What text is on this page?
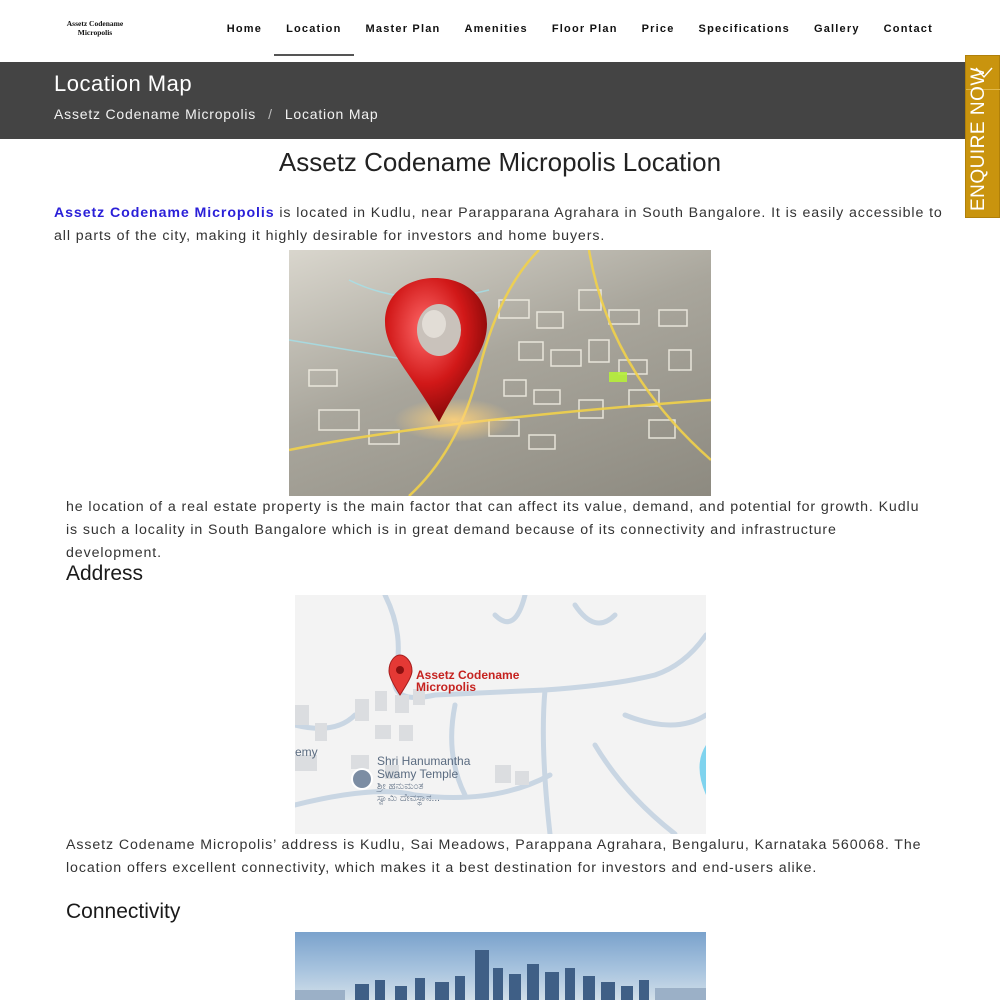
Assetz Codename
Micropolis	Home	Location	Master Plan	Amenities	Floor Plan	Price	Specifications	Gallery	Contact
Location Map
Assetz Codename Micropolis / Location Map	ENQUIRE NOW
Assetz Codename Micropolis Location

Assetz Codename Micropolis is located in Kudlu, near Parapparana Agrahara in South Bangalore. It is easily accessible to all parts of the city, making it highly desirable for investors and home buyers.

he location of a real estate property is the main factor that can affect its value, demand, and potential for growth. Kudlu is such a locality in South Bangalore which is in great demand because of its connectivity and infrastructure development.

Address
Assetz Codename
Micropolis
Shri Hanumantha
Swamy Temple
ಶ್ರೀ ಹನುಮಂತ
ಸ್ವಾಮಿ ದೇವಸ್ಥಾನ...
emy

Assetz Codename Micropolis’ address is Kudlu, Sai Meadows, Parappana Agrahara, Bengaluru, Karnataka 560068. The location offers excellent connectivity, which makes it a best destination for investors and end-users alike.

Connectivity
